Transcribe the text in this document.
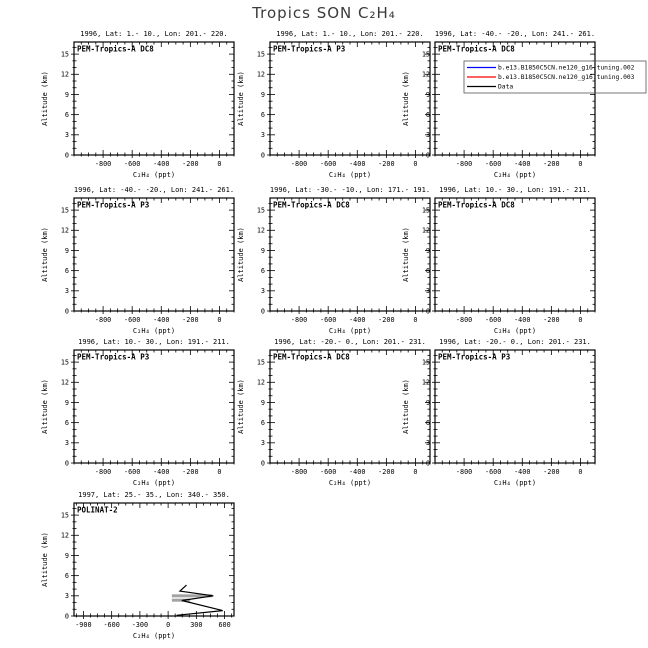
Tropics SON C₂H₄
1996, Lat: 1.- 10., Lon: 201.- 220.
-800 -600 -400 -200	0
0
3
6
9
12
15
PEM-Tropics-A DC8
C₂H₄ (ppt)
Altitude (km)
1996, Lat: 1.- 10., Lon: 201.- 220.
-800 -600 -400 -200	0
0
3
6
9
12
15
PEM-Tropics-A P3
C₂H₄ (ppt)
Altitude (km)
1996, Lat: -40.- -20., Lon: 241.- 261.
-800 -600 -400 -200	0
0
3
6
9
12
15
PEM-Tropics-A DC8
C₂H₄ (ppt)
Altitude (km)
b.e13.B1850C5CN.ne120_g16.tuning.002
b.e13.B1850C5CN.ne120_g16.tuning.003
Data
1996, Lat: -40.- -20., Lon: 241.- 261.
-800 -600 -400 -200	0
0
3
6
9
12
15
PEM-Tropics-A P3
C₂H₄ (ppt)
Altitude (km)
1996, Lat: -30.- -10., Lon: 171.- 191.
-800 -600 -400 -200	0
0
3
6
9
12
15
PEM-Tropics-A DC8
C₂H₄ (ppt)
Altitude (km)
1996, Lat: 10.- 30., Lon: 191.- 211.
-800 -600 -400 -200	0
0
3
6
9
12
15
PEM-Tropics-A DC8
C₂H₄ (ppt)
Altitude (km)
1996, Lat: 10.- 30., Lon: 191.- 211.
-800 -600 -400 -200	0
0
3
6
9
12
15
PEM-Tropics-A P3
C₂H₄ (ppt)
Altitude (km)
1996, Lat: -20.- 0., Lon: 201.- 231.
-800 -600 -400 -200	0
0
3
6
9
12
15
PEM-Tropics-A DC8
C₂H₄ (ppt)
Altitude (km)
1996, Lat: -20.- 0., Lon: 201.- 231.
-800 -600 -400 -200	0
0
3
6
9
12
15
PEM-Tropics-A P3
C₂H₄ (ppt)
Altitude (km)
1997, Lat: 25.- 35., Lon: 340.- 350.
-900 -600 -300	0	300 600
0
3
6
9
12
15
POLINAT-2
C₂H₄ (ppt)
Altitude (km)
